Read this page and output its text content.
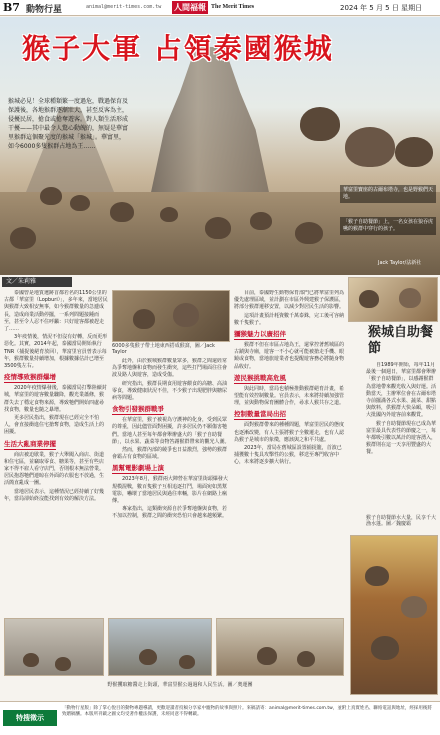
B7 動物行星	animal@merit-times.com.tw 人間福報 The Merit Times	2024 年 5 月 5 日 星期日
猴子大軍 占領泰國猴城
猴城必見！全球種類繁一度過危，戰過保育及保護後，各地猴群逐漸壯大，甚至反客為主，侵擾民居，搶食或搶奪遊客。對人類生活形成干擾——其中最令人驚心動魄的，無疑是華富里猴群這個聚光度的猴城「猴城」。華富里，如今6000多隻猴群占地為王……
華富里寶座的古爾布塔寺，也是野猴們天地。
「猴子自助餐節」上，一名女孩在狼吞虎嚥的猴群中穿行的孩子。
Jack Taylor/法新社
文／朱莉雅

泰國曾是地質遺跡首都若名的1150公里的古都「華富里（Lopburi）」，多年來，當地居民與猴群大致相安無事，如今猴群數量的急遽成長，造成商業活動停擺，一系列問題接踵而至，甚至令人忍不住呼籲：只好遊客都被趕走了……

3年疫情後，情況不但沒有好轉，反而更形惡化。其實，2014年起，泰國當局開始執行TNR（捕捉後絕育放回），華富里官員曾表示每年，猴群數量持續增加，根據數據估計已增至3500隻左右。

疫情導致猴群爆增

2020年疫情爆發後，泰國當局打擊陸續封城，華富里的遊客數量驟降，觀光業蕭條，猴群失去了穩定食物來源，導致牠們開始四處尋找食物，數量也隨之暴增。

更多居民指出，猴群現在已經完全不怕人，會直接衝進住宅搶奪食物，造成生活上的困擾。

生活大亂商業停擺

商店被迫歇業，猴子大舉闖入商店、街道和住宅區，並竊取零食、糖果等，甚至有些店家不得不雇人看守店門，否則根本無法營業。居民抱怨牠們連晾在外面的衣服也不放過，生活簡直亂成一團。

當地居民表示，這種情況已經持續了好幾年，當局卻始終沒能找到有效的解決方法。

6000多隻猴子帶土地東西搭成猴窩，圖／Jack Taylor

此外，由於猴城猴群數量眾多，猴群之間還經常為爭奪地盤和食物而發生衝突，這些打鬥場面往往會波及路人與遊客，造成受傷。

研究指出，猴群長期食用遊客餵食的高糖、高油零食，導致健康狀況不佳，不少猴子出現肥胖與糖尿病等問題。

食物引發猴群戰爭

在華富里，猴子被視為守護神的化身，受到民眾的尊重，因此儘管面對困擾，許多居民仍不願傷害牠們。當地人甚至每年都會舉辦盛大的「猴子自助餐節」，以水果、蔬菜等食物答謝猴群帶來的觀光人潮。

然而，猴群內部的競爭也日益激烈，強勢的猴群會霸占有食物的區域。

黑幫電影劇場上演

2023年8月，猴群兩大陣營在華富里街頭爆發大規模混戰，數百隻猴子互相追逐打鬥，場面宛如黑幫電影，嚇壞了當地居民與過往車輛，影片在網路上瘋傳。

專家指出，這類衝突源自於爭奪地盤與食物，若不加以控制，猴群之間的衝突恐怕只會越來越頻繁。

目前，泰國野生動物保育部門已將華富里列為優先處理區域，並計劃在市區外興建猴子保護區，將部分猴群遷移安置，以減少對居民生活的影響。

這項計畫預計耗資數千萬泰銖，完工後可容納數千隻猴子。

獼猴魅力以廣招伴

猴群不但在市區占地為王，還掌控著舊城區的古蹟與寺廟，遊客一不小心就可能被搶走手機、眼鏡或食物，當地旅遊業者也提醒遊客務必將隨身物品收好。

遊民猴挑戰高危風

與此同時，當局也積極推動猴群絕育計畫，希望能有效控制數量。官員表示，未來將持續加強管理，並與動物保育團體合作，尋求人猴共存之道。

控制數量當局出招

面對猴群帶來的種種問題，華富里居民的態度也逐漸改變，有人主張將猴子全數遷走，也有人認為猴子是城市的象徵，應該與之和平共處。

2023年，當局在舊城區設置捕捉籠，首波已捕獲數十隻具攻擊性的公猴，移送至專門收容中心，未來將逐步擴大執行。

猴城自助餐節

自1989年開始，每年11月最後一個週日，華富里都會舉辦「猴子自助餐節」，以感謝猴群為當地帶來觀光收入與好運。活動當天，主辦單位會在古爾布塔寺前擺滿各式水果、蔬菜、甜點與飲料，供猴群大快朵頤，吸引大批國內外遊客前來觀賞。

猴子自助餐節現在已成為華富里最具代表性的節慶之一，每年都吸引數以萬計的遊客湧入，猴群則在這一天享用豐盛的大餐。

猴子自助餐節水大量，民享千大漁水蓬。圖／魏慶霸
野猴攫取糖醬走上街頭，華富里猴公過過和人民生活。圖／奧運團
特搜徵示
「動物行星版」除了掌心悅目的動物專題導讀，更歡迎讀者投稿分享家中寵物的故事與照片。來稿請寄：animal@merit-times.com.tw，並附上真實姓名、聯絡電話與地址，經採用後將致贈稿酬。本版所刊載之圖文均受著作權法保護，未經同意不得轉載。
